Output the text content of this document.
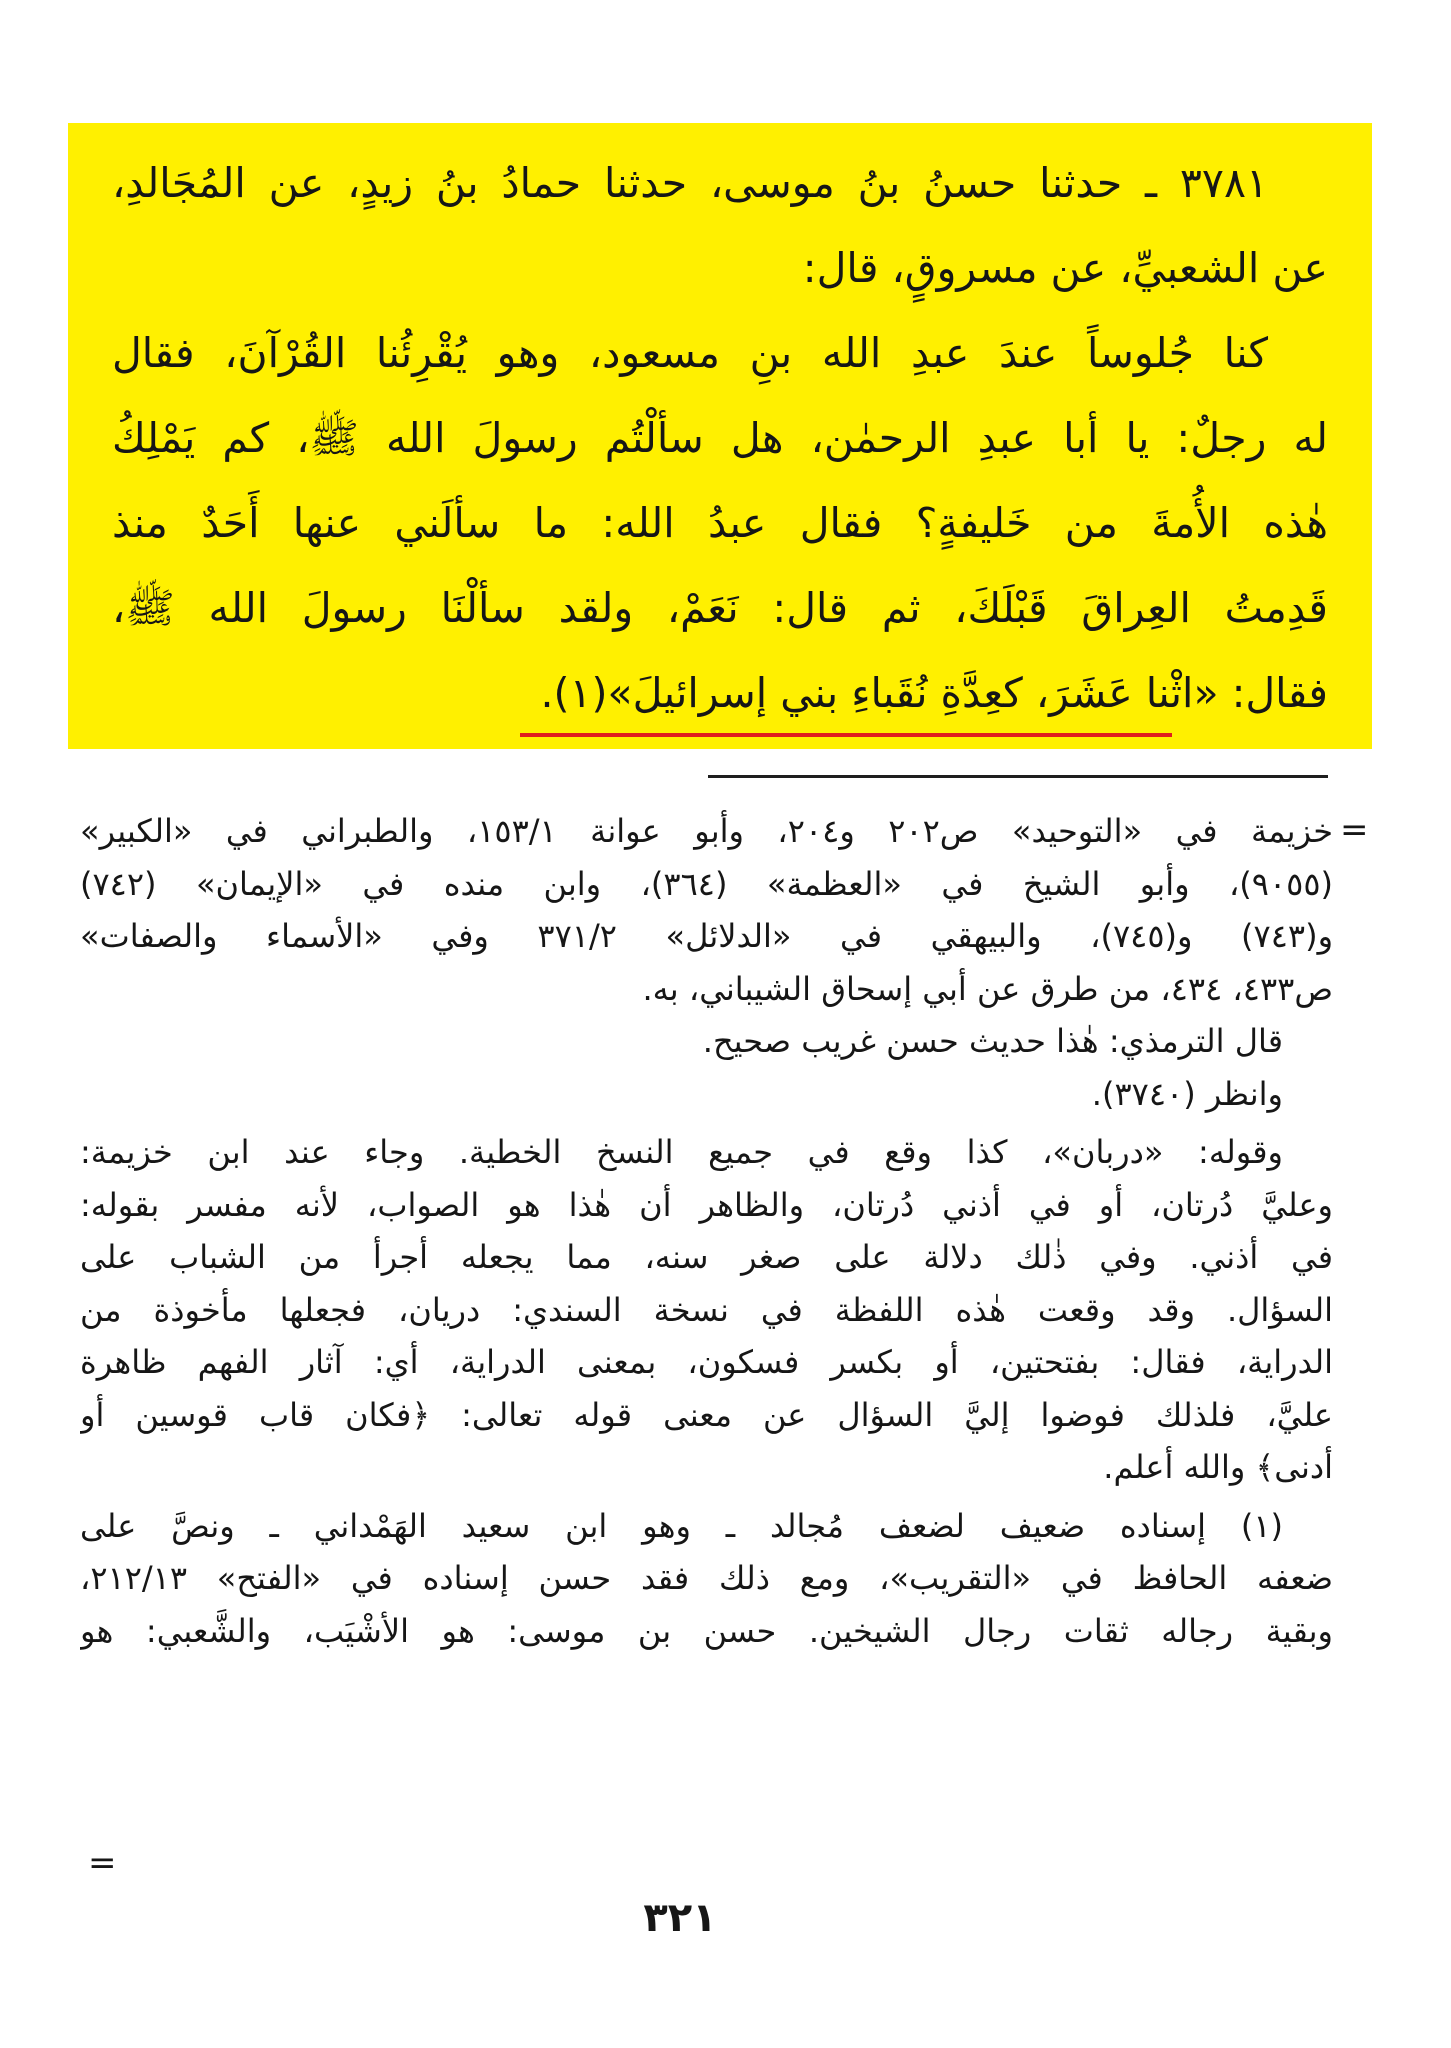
٣٧٨١ ـ حدثنا حسنُ بنُ موسى، حدثنا حمادُ بنُ زيدٍ، عن المُجَالدِ،
عن الشعبيِّ، عن مسروقٍ، قال:
كنا جُلوساً عندَ عبدِ الله بنِ مسعود، وهو يُقْرِئُنا القُرْآنَ، فقال
له رجلٌ: يا أبا عبدِ الرحمٰن، هل سألْتُم رسولَ الله ﷺ، كم يَمْلِكُ
هٰذه الأُمةَ من خَليفةٍ؟ فقال عبدُ الله: ما سألَني عنها أَحَدٌ منذ
قَدِمتُ العِراقَ قَبْلَكَ، ثم قال: نَعَمْ، ولقد سألْنَا رسولَ الله ﷺ،
فقال: «اثْنا عَشَرَ، كعِدَّةِ نُقَباءِ بني إسرائيلَ»(١).
=
خزيمة في «التوحيد» ص٢٠٢ و٢٠٤، وأبو عوانة ١٥٣/١، والطبراني في «الكبير»
(٩٠٥٥)، وأبو الشيخ في «العظمة» (٣٦٤)، وابن منده في «الإيمان» (٧٤٢)
و(٧٤٣) و(٧٤٥)، والبيهقي في «الدلائل» ٣٧١/٢ وفي «الأسماء والصفات»
ص٤٣٣، ٤٣٤، من طرق عن أبي إسحاق الشيباني، به.
قال الترمذي: هٰذا حديث حسن غريب صحيح.
وانظر (٣٧٤٠).
وقوله: «دربان»، كذا وقع في جميع النسخ الخطية. وجاء عند ابن خزيمة:
وعليَّ دُرتان، أو في أذني دُرتان، والظاهر أن هٰذا هو الصواب، لأنه مفسر بقوله:
في أذني. وفي ذٰلك دلالة على صغر سنه، مما يجعله أجرأ من الشباب على
السؤال. وقد وقعت هٰذه اللفظة في نسخة السندي: دريان، فجعلها مأخوذة من
الدراية، فقال: بفتحتين، أو بكسر فسكون، بمعنى الدراية، أي: آثار الفهم ظاهرة
عليَّ، فلذلك فوضوا إليَّ السؤال عن معنى قوله تعالى: ﴿فكان قاب قوسين أو
أدنى﴾ والله أعلم.
(١) إسناده ضعيف لضعف مُجالد ـ وهو ابن سعيد الهَمْداني ـ ونصَّ على
ضعفه الحافظ في «التقريب»، ومع ذلك فقد حسن إسناده في «الفتح» ٢١٢/١٣،
وبقية رجاله ثقات رجال الشيخين. حسن بن موسى: هو الأشْيَب، والشَّعبي: هو
=
٣٢١
